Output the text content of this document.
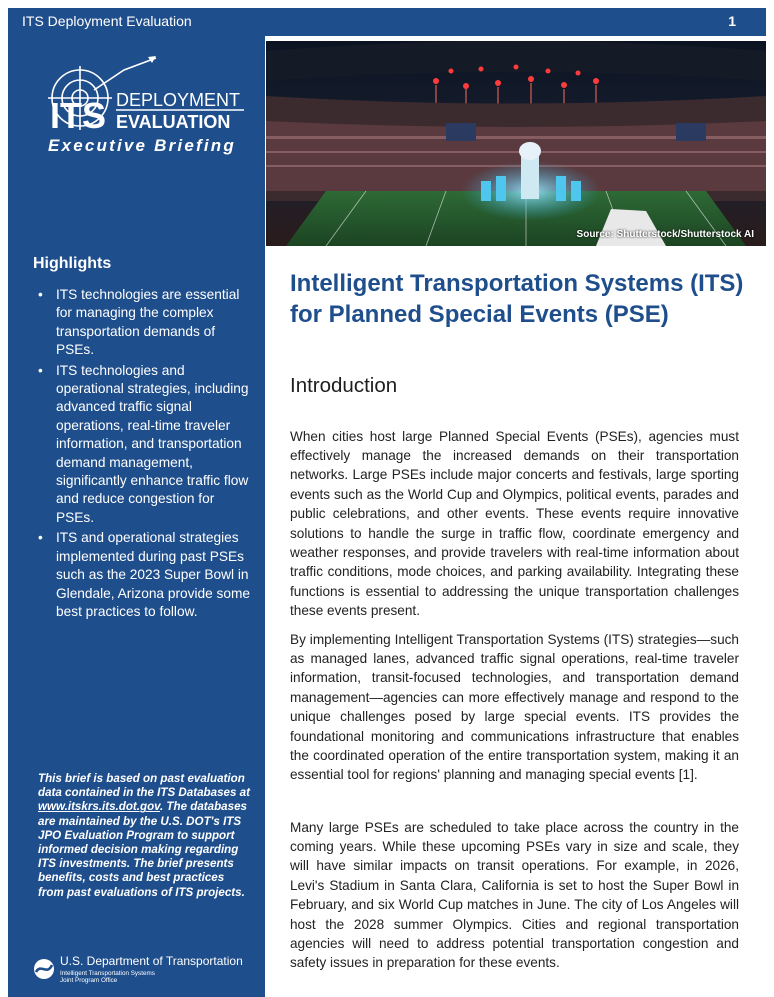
ITS Deployment Evaluation	1
ITS DEPLOYMENT
EVALUATION
Executive Briefing
Highlights
• ITS technologies are essential for managing the complex transportation demands of PSEs.
• ITS technologies and operational strategies, including advanced traffic signal operations, real-time traveler information, and transportation demand management, significantly enhance traffic flow and reduce congestion for PSEs.
• ITS and operational strategies implemented during past PSEs such as the 2023 Super Bowl in Glendale, Arizona provide some best practices to follow.
This brief is based on past evaluation data contained in the ITS Databases at www.itskrs.its.dot.gov. The databases are maintained by the U.S. DOT's ITS JPO Evaluation Program to support informed decision making regarding ITS investments. The brief presents benefits, costs and best practices from past evaluations of ITS projects.
U.S. Department of Transportation
Intelligent Transportation Systems
Joint Program Office
Source: Shutterstock/Shutterstock AI
Intelligent Transportation Systems (ITS) for Planned Special Events (PSE)
Introduction

When cities host large Planned Special Events (PSEs), agencies must effectively manage the increased demands on their transportation networks. Large PSEs include major concerts and festivals, large sporting events such as the World Cup and Olympics, political events, parades and public celebrations, and other events. These events require innovative solutions to handle the surge in traffic flow, coordinate emergency and weather responses, and provide travelers with real-time information about traffic conditions, mode choices, and parking availability. Integrating these functions is essential to addressing the unique transportation challenges these events present.

By implementing Intelligent Transportation Systems (ITS) strategies—such as managed lanes, advanced traffic signal operations, real-time traveler information, transit-focused technologies, and transportation demand management—agencies can more effectively manage and respond to the unique challenges posed by large special events. ITS provides the foundational monitoring and communications infrastructure that enables the coordinated operation of the entire transportation system, making it an essential tool for regions' planning and managing special events [1].

Many large PSEs are scheduled to take place across the country in the coming years. While these upcoming PSEs vary in size and scale, they will have similar impacts on transit operations. For example, in 2026, Levi's Stadium in Santa Clara, California is set to host the Super Bowl in February, and six World Cup matches in June. The city of Los Angeles will host the 2028 summer Olympics. Cities and regional transportation agencies will need to address potential transportation congestion and safety issues in preparation for these events.
